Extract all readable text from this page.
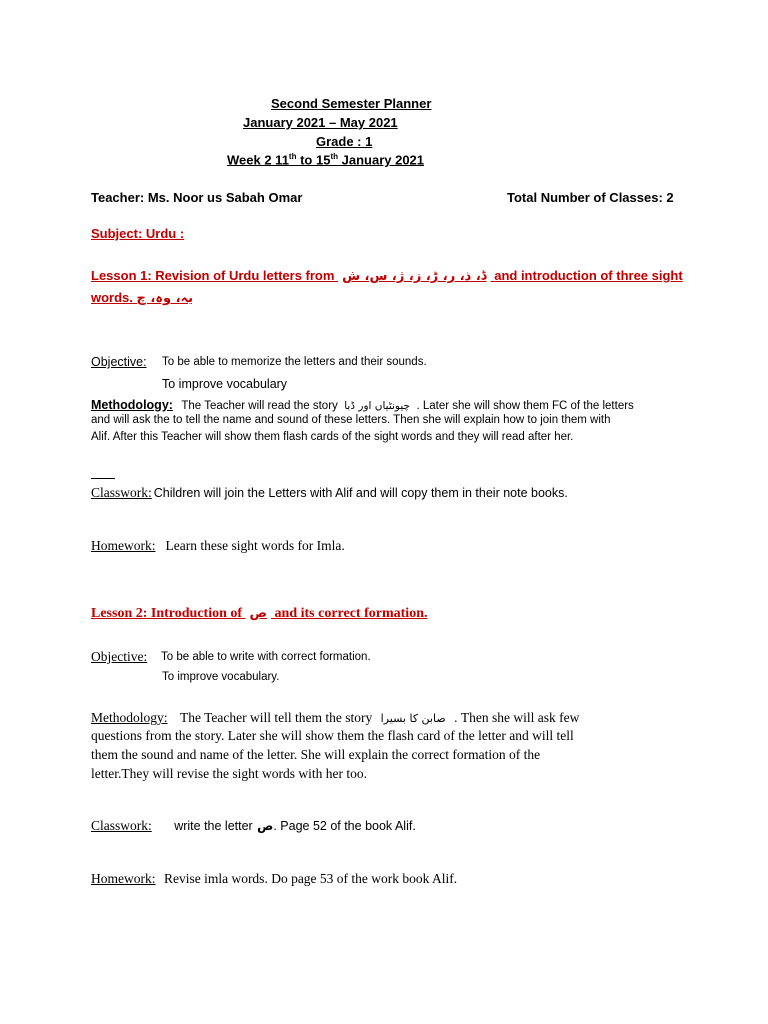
Second Semester Planner
January 2021 – May 2021
Grade : 1
Week 2 11th to 15th January 2021
Teacher: Ms. Noor us Sabah Omar	Total Number of Classes: 2
Subject: Urdu :
Lesson 1: Revision of Urdu letters from ڈ، ذ، ر، ڑ، ز، ژ، س، ش and introduction of three sight
words. یہ، وہ، چ
Objective: To be able to memorize the letters and their sounds.
To improve vocabulary
Methodology: The Teacher will read the story چیونٹیاں اور ڈبا . Later she will show them FC of the letters
and will ask the to tell the name and sound of these letters. Then she will explain how to join them with
Alif. After this Teacher will show them flash cards of the sight words and they will read after her.
Classwork: Children will join the Letters with Alif and will copy them in their note books.
Homework: Learn these sight words for Imla.
Lesson 2: Introduction of ص and its correct formation.
Objective: To be able to write with correct formation.
To improve vocabulary.
Methodology: The Teacher will tell them the story صابن کا بسیرا . Then she will ask few
questions from the story. Later she will show them the flash card of the letter and will tell
them the sound and name of the letter. She will explain the correct formation of the
letter.They will revise the sight words with her too.
Classwork: write the letter ص. Page 52 of the book Alif.
Homework: Revise imla words. Do page 53 of the work book Alif.
